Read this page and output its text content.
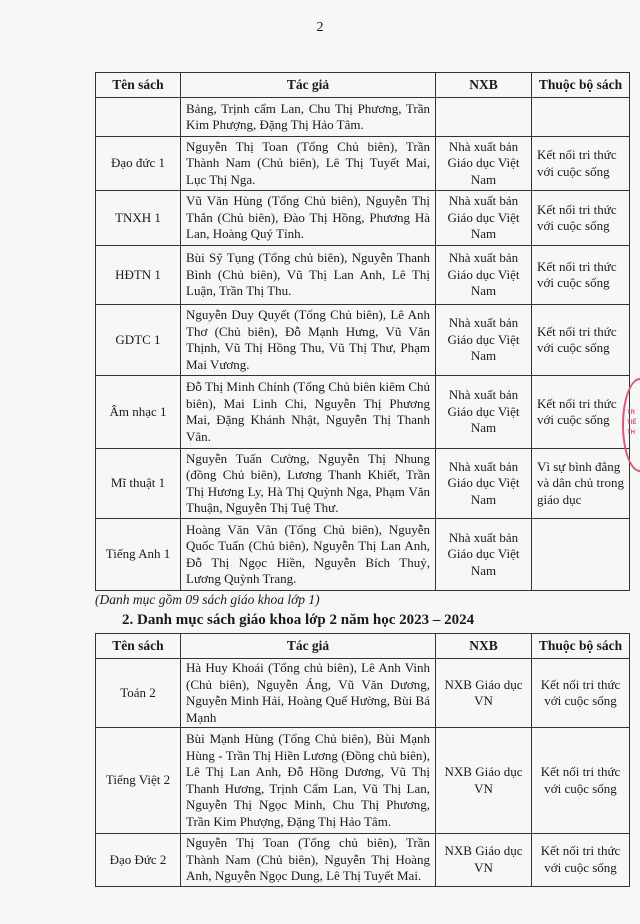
2
Tên sách	Tác giả	NXB	Thuộc bộ sách
	Bảng, Trịnh cẩm Lan, Chu Thị Phương, Trần Kim Phượng, Đặng Thị Hảo Tâm.		
Đạo đức 1	Nguyễn Thị Toan (Tổng Chủ biên), Trần Thành Nam (Chủ biên), Lê Thị Tuyết Mai, Lục Thị Nga.	Nhà xuất bản Giáo dục Việt Nam	Kết nối tri thức với cuộc sống
TNXH 1	Vũ Văn Hùng (Tổng Chủ biên), Nguyễn Thị Thắn (Chủ biên), Đào Thị Hồng, Phương Hà Lan, Hoàng Quý Tỉnh.	Nhà xuất bản Giáo dục Việt Nam	Kết nối tri thức với cuộc sống
HĐTN 1	Bùi Sỹ Tụng (Tổng chủ biên), Nguyễn Thanh Bình (Chủ biên), Vũ Thị Lan Anh, Lê Thị Luận, Trần Thị Thu.	Nhà xuất bản Giáo dục Việt Nam	Kết nối tri thức với cuộc sống
GDTC 1	Nguyễn Duy Quyết (Tổng Chủ biên), Lê Anh Thơ (Chủ biên), Đỗ Mạnh Hưng, Vũ Văn Thịnh, Vũ Thị Hồng Thu, Vũ Thị Thư, Phạm Mai Vương.	Nhà xuất bản Giáo dục Việt Nam	Kết nối tri thức với cuộc sống
Âm nhạc 1	Đỗ Thị Minh Chính (Tổng Chủ biên kiêm Chủ biên), Mai Linh Chi, Nguyễn Thị Phương Mai, Đặng Khánh Nhật, Nguyễn Thị Thanh Vân.	Nhà xuất bản Giáo dục Việt Nam	Kết nối tri thức với cuộc sống
Mĩ thuật 1	Nguyễn Tuấn Cường, Nguyễn Thị Nhung (đồng Chủ biên), Lương Thanh Khiết, Trần Thị Hương Ly, Hà Thị Quỳnh Nga, Phạm Văn Thuận, Nguyễn Thị Tuệ Thư.	Nhà xuất bản Giáo dục Việt Nam	Vì sự bình đẳng và dân chủ trong giáo dục
Tiếng Anh 1	Hoàng Văn Vân (Tổng Chủ biên), Nguyễn Quốc Tuấn (Chủ biên), Nguyễn Thị Lan Anh, Đỗ Thị Ngọc Hiền, Nguyễn Bích Thuỷ, Lương Quỳnh Trang.	Nhà xuất bản Giáo dục Việt Nam	
(Danh mục gồm 09 sách giáo khoa lớp 1)
2. Danh mục sách giáo khoa lớp 2 năm học 2023 – 2024
Tên sách	Tác giả	NXB	Thuộc bộ sách
Toán 2	Hà Huy Khoái (Tổng chủ biên), Lê Anh Vinh (Chủ biên), Nguyễn Áng, Vũ Văn Dương, Nguyễn Minh Hải, Hoàng Quế Hường, Bùi Bá Mạnh	NXB Giáo dục VN	Kết nối tri thức với cuộc sống
Tiếng Việt 2	Bùi Mạnh Hùng (Tổng Chủ biên), Bùi Mạnh Hùng - Trần Thị Hiền Lương (Đồng chủ biên), Lê Thị Lan Anh, Đỗ Hồng Dương, Vũ Thị Thanh Hương, Trịnh Cẩm Lan, Vũ Thị Lan, Nguyễn Thị Ngọc Minh, Chu Thị Phương, Trần Kim Phượng, Đặng Thị Hảo Tâm.	NXB Giáo dục VN	Kết nối tri thức với cuộc sống
Đạo Đức 2	Nguyễn Thị Toan (Tổng chủ biên), Trần Thành Nam (Chủ biên), Nguyễn Thị Hoàng Anh, Nguyễn Ngọc Dung, Lê Thị Tuyết Mai.	NXB Giáo dục VN	Kết nối tri thức với cuộc sống
TR
TIỂ
TH
